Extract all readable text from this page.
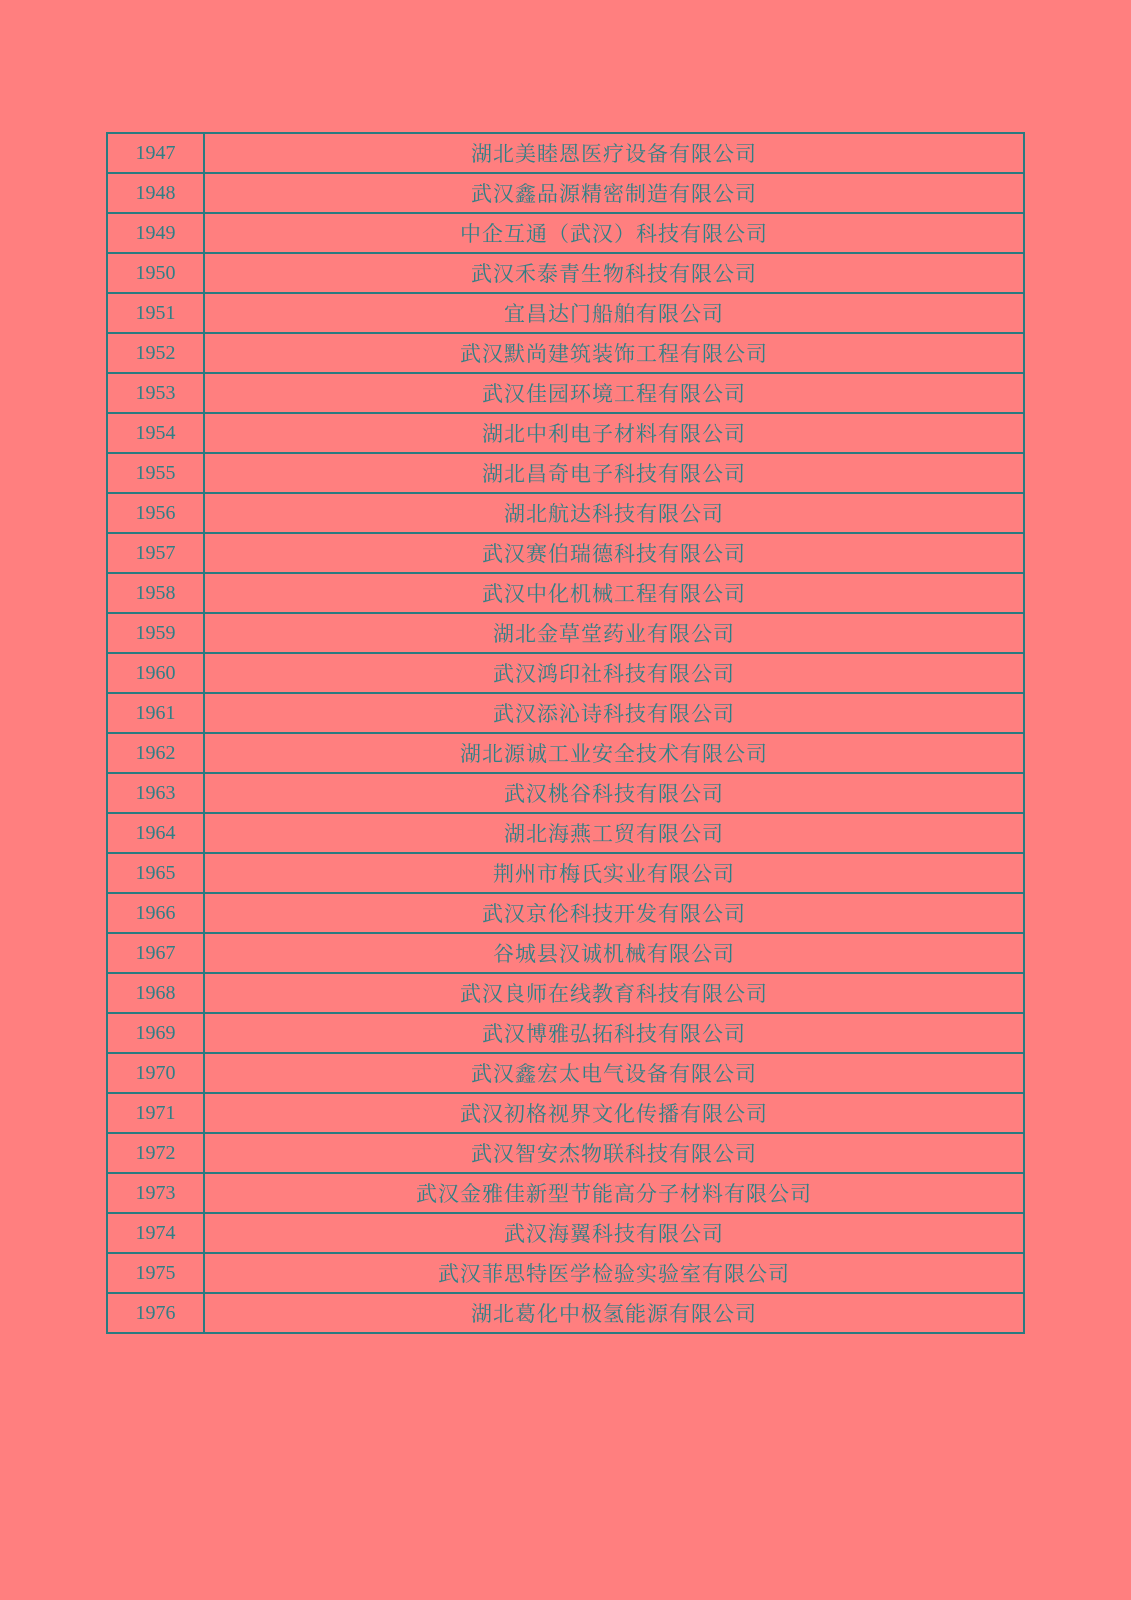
1947	湖北美睦恩医疗设备有限公司
1948	武汉鑫品源精密制造有限公司
1949	中企互通（武汉）科技有限公司
1950	武汉禾泰青生物科技有限公司
1951	宜昌达门船舶有限公司
1952	武汉默尚建筑装饰工程有限公司
1953	武汉佳园环境工程有限公司
1954	湖北中利电子材料有限公司
1955	湖北昌奇电子科技有限公司
1956	湖北航达科技有限公司
1957	武汉赛伯瑞德科技有限公司
1958	武汉中化机械工程有限公司
1959	湖北金草堂药业有限公司
1960	武汉鸿印社科技有限公司
1961	武汉添沁诗科技有限公司
1962	湖北源诚工业安全技术有限公司
1963	武汉桃谷科技有限公司
1964	湖北海燕工贸有限公司
1965	荆州市梅氏实业有限公司
1966	武汉京伦科技开发有限公司
1967	谷城县汉诚机械有限公司
1968	武汉良师在线教育科技有限公司
1969	武汉博雅弘拓科技有限公司
1970	武汉鑫宏太电气设备有限公司
1971	武汉初格视界文化传播有限公司
1972	武汉智安杰物联科技有限公司
1973	武汉金雅佳新型节能高分子材料有限公司
1974	武汉海翼科技有限公司
1975	武汉菲思特医学检验实验室有限公司
1976	湖北葛化中极氢能源有限公司
